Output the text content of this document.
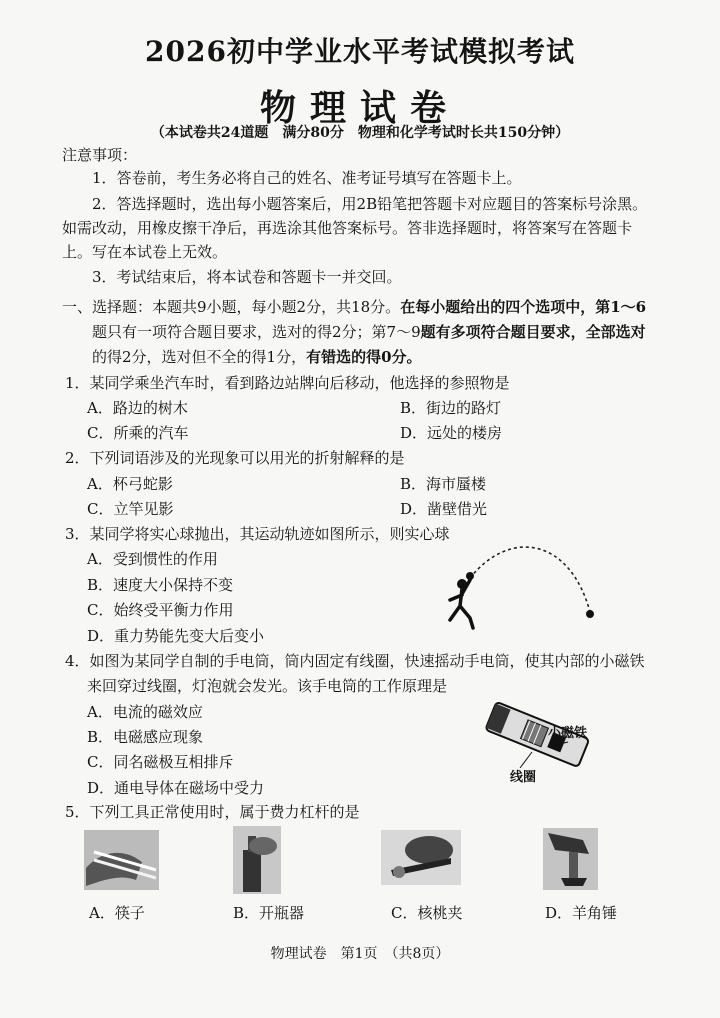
2026初中学业水平考试模拟考试
物理试卷
（本试卷共24道题　满分80分　物理和化学考试时长共150分钟）
注意事项：
1．答卷前，考生务必将自己的姓名、准考证号填写在答题卡上。
2．答选择题时，选出每小题答案后，用2B铅笔把答题卡对应题目的答案标号涂黑。
如需改动，用橡皮擦干净后，再选涂其他答案标号。答非选择题时，将答案写在答题卡
上。写在本试卷上无效。
3．考试结束后，将本试卷和答题卡一并交回。
一、选择题：本题共9小题，每小题2分，共18分。在每小题给出的四个选项中，第1～6
题只有一项符合题目要求，选对的得2分；第7～9题有多项符合题目要求，全部选对
的得2分，选对但不全的得1分，有错选的得0分。
1．某同学乘坐汽车时，看到路边站牌向后移动，他选择的参照物是
A．路边的树木	B．街边的路灯
C．所乘的汽车	D．远处的楼房
2．下列词语涉及的光现象可以用光的折射解释的是
A．杯弓蛇影	B．海市蜃楼
C．立竿见影	D．凿壁借光
3．某同学将实心球抛出，其运动轨迹如图所示，则实心球
A．受到惯性的作用
B．速度大小保持不变
C．始终受平衡力作用
D．重力势能先变大后变小
4．如图为某同学自制的手电筒，筒内固定有线圈，快速摇动手电筒，使其内部的小磁铁
来回穿过线圈，灯泡就会发光。该手电筒的工作原理是
A．电流的磁效应
B．电磁感应现象
C．同名磁极互相排斥
D．通电导体在磁场中受力
小磁铁
线圈
5．下列工具正常使用时，属于费力杠杆的是
A．筷子	B．开瓶器	C．核桃夹	D．羊角锤
物理试卷　第1页　（共8页）
